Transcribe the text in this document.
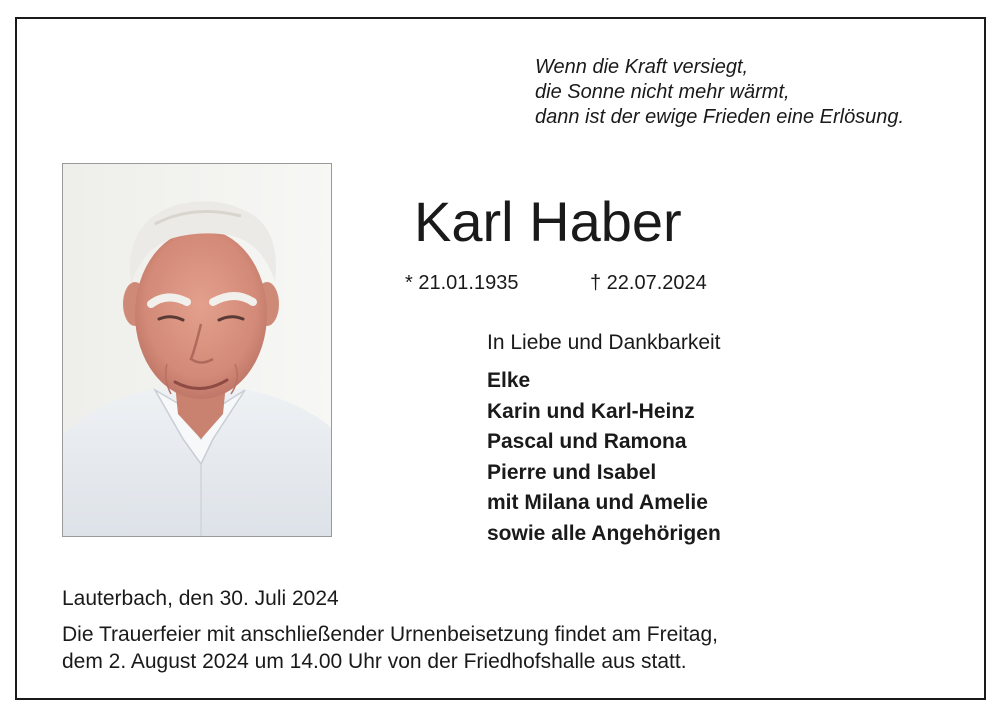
Wenn die Kraft versiegt,
die Sonne nicht mehr wärmt,
dann ist der ewige Frieden eine Erlösung.
Karl Haber
* 21.01.1935	† 22.07.2024
In Liebe und Dankbarkeit
Elke
Karin und Karl-Heinz
Pascal und Ramona
Pierre und Isabel
mit Milana und Amelie
sowie alle Angehörigen
Lauterbach, den 30. Juli 2024
Die Trauerfeier mit anschließender Urnenbeisetzung findet am Freitag,
dem 2. August 2024 um 14.00 Uhr von der Friedhofshalle aus statt.
